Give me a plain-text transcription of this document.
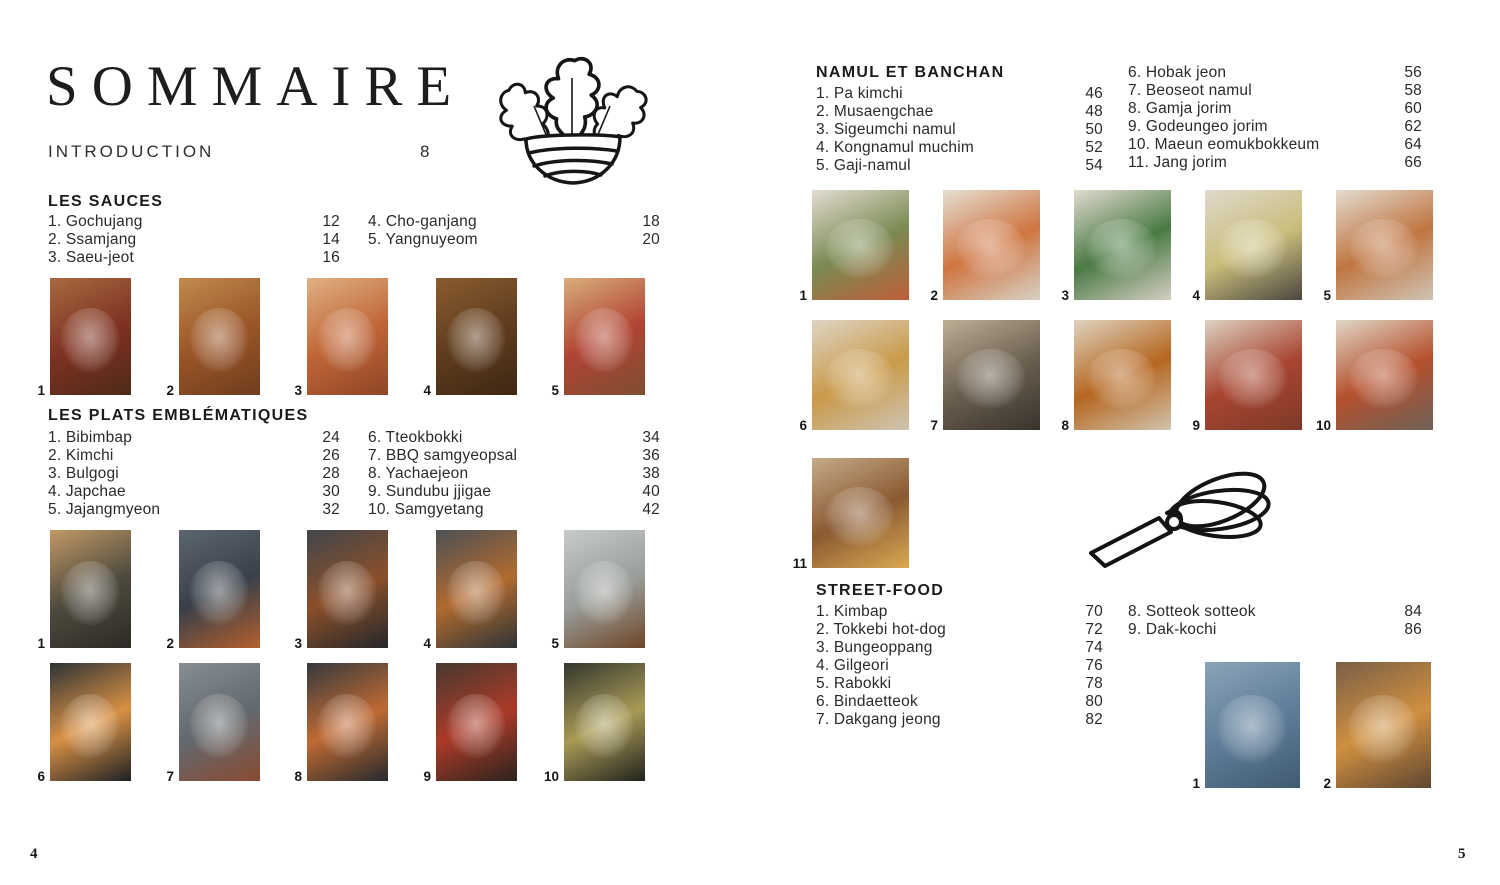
SOMMAIRE
INTRODUCTION	8
LES SAUCES
1. Gochujang	12
2. Ssamjang	14
3. Saeu-jeot	16
4. Cho-ganjang	18
5. Yangnuyeom	20
1	2	3	4	5
LES PLATS EMBLÉMATIQUES
1. Bibimbap	24
2. Kimchi	26
3. Bulgogi	28
4. Japchae	30
5. Jajangmyeon	32
6. Tteokbokki	34
7. BBQ samgyeopsal	36
8. Yachaejeon	38
9. Sundubu jjigae	40
10. Samgyetang	42
1	2	3	4	5
6	7	8	9	10
4
NAMUL ET BANCHAN
1. Pa kimchi	46
2. Musaengchae	48
3. Sigeumchi namul	50
4. Kongnamul muchim	52
5. Gaji-namul	54
6. Hobak jeon	56
7. Beoseot namul	58
8. Gamja jorim	60
9. Godeungeo jorim	62
10. Maeun eomukbokkeum	64
11. Jang jorim	66
1	2	3	4	5
6	7	8	9	10
11
STREET-FOOD
1. Kimbap	70
2. Tokkebi hot-dog	72
3. Bungeoppang	74
4. Gilgeori	76
5. Rabokki	78
6. Bindaetteok	80
7. Dakgang jeong	82
8. Sotteok sotteok	84
9. Dak-kochi	86
1	2
5
